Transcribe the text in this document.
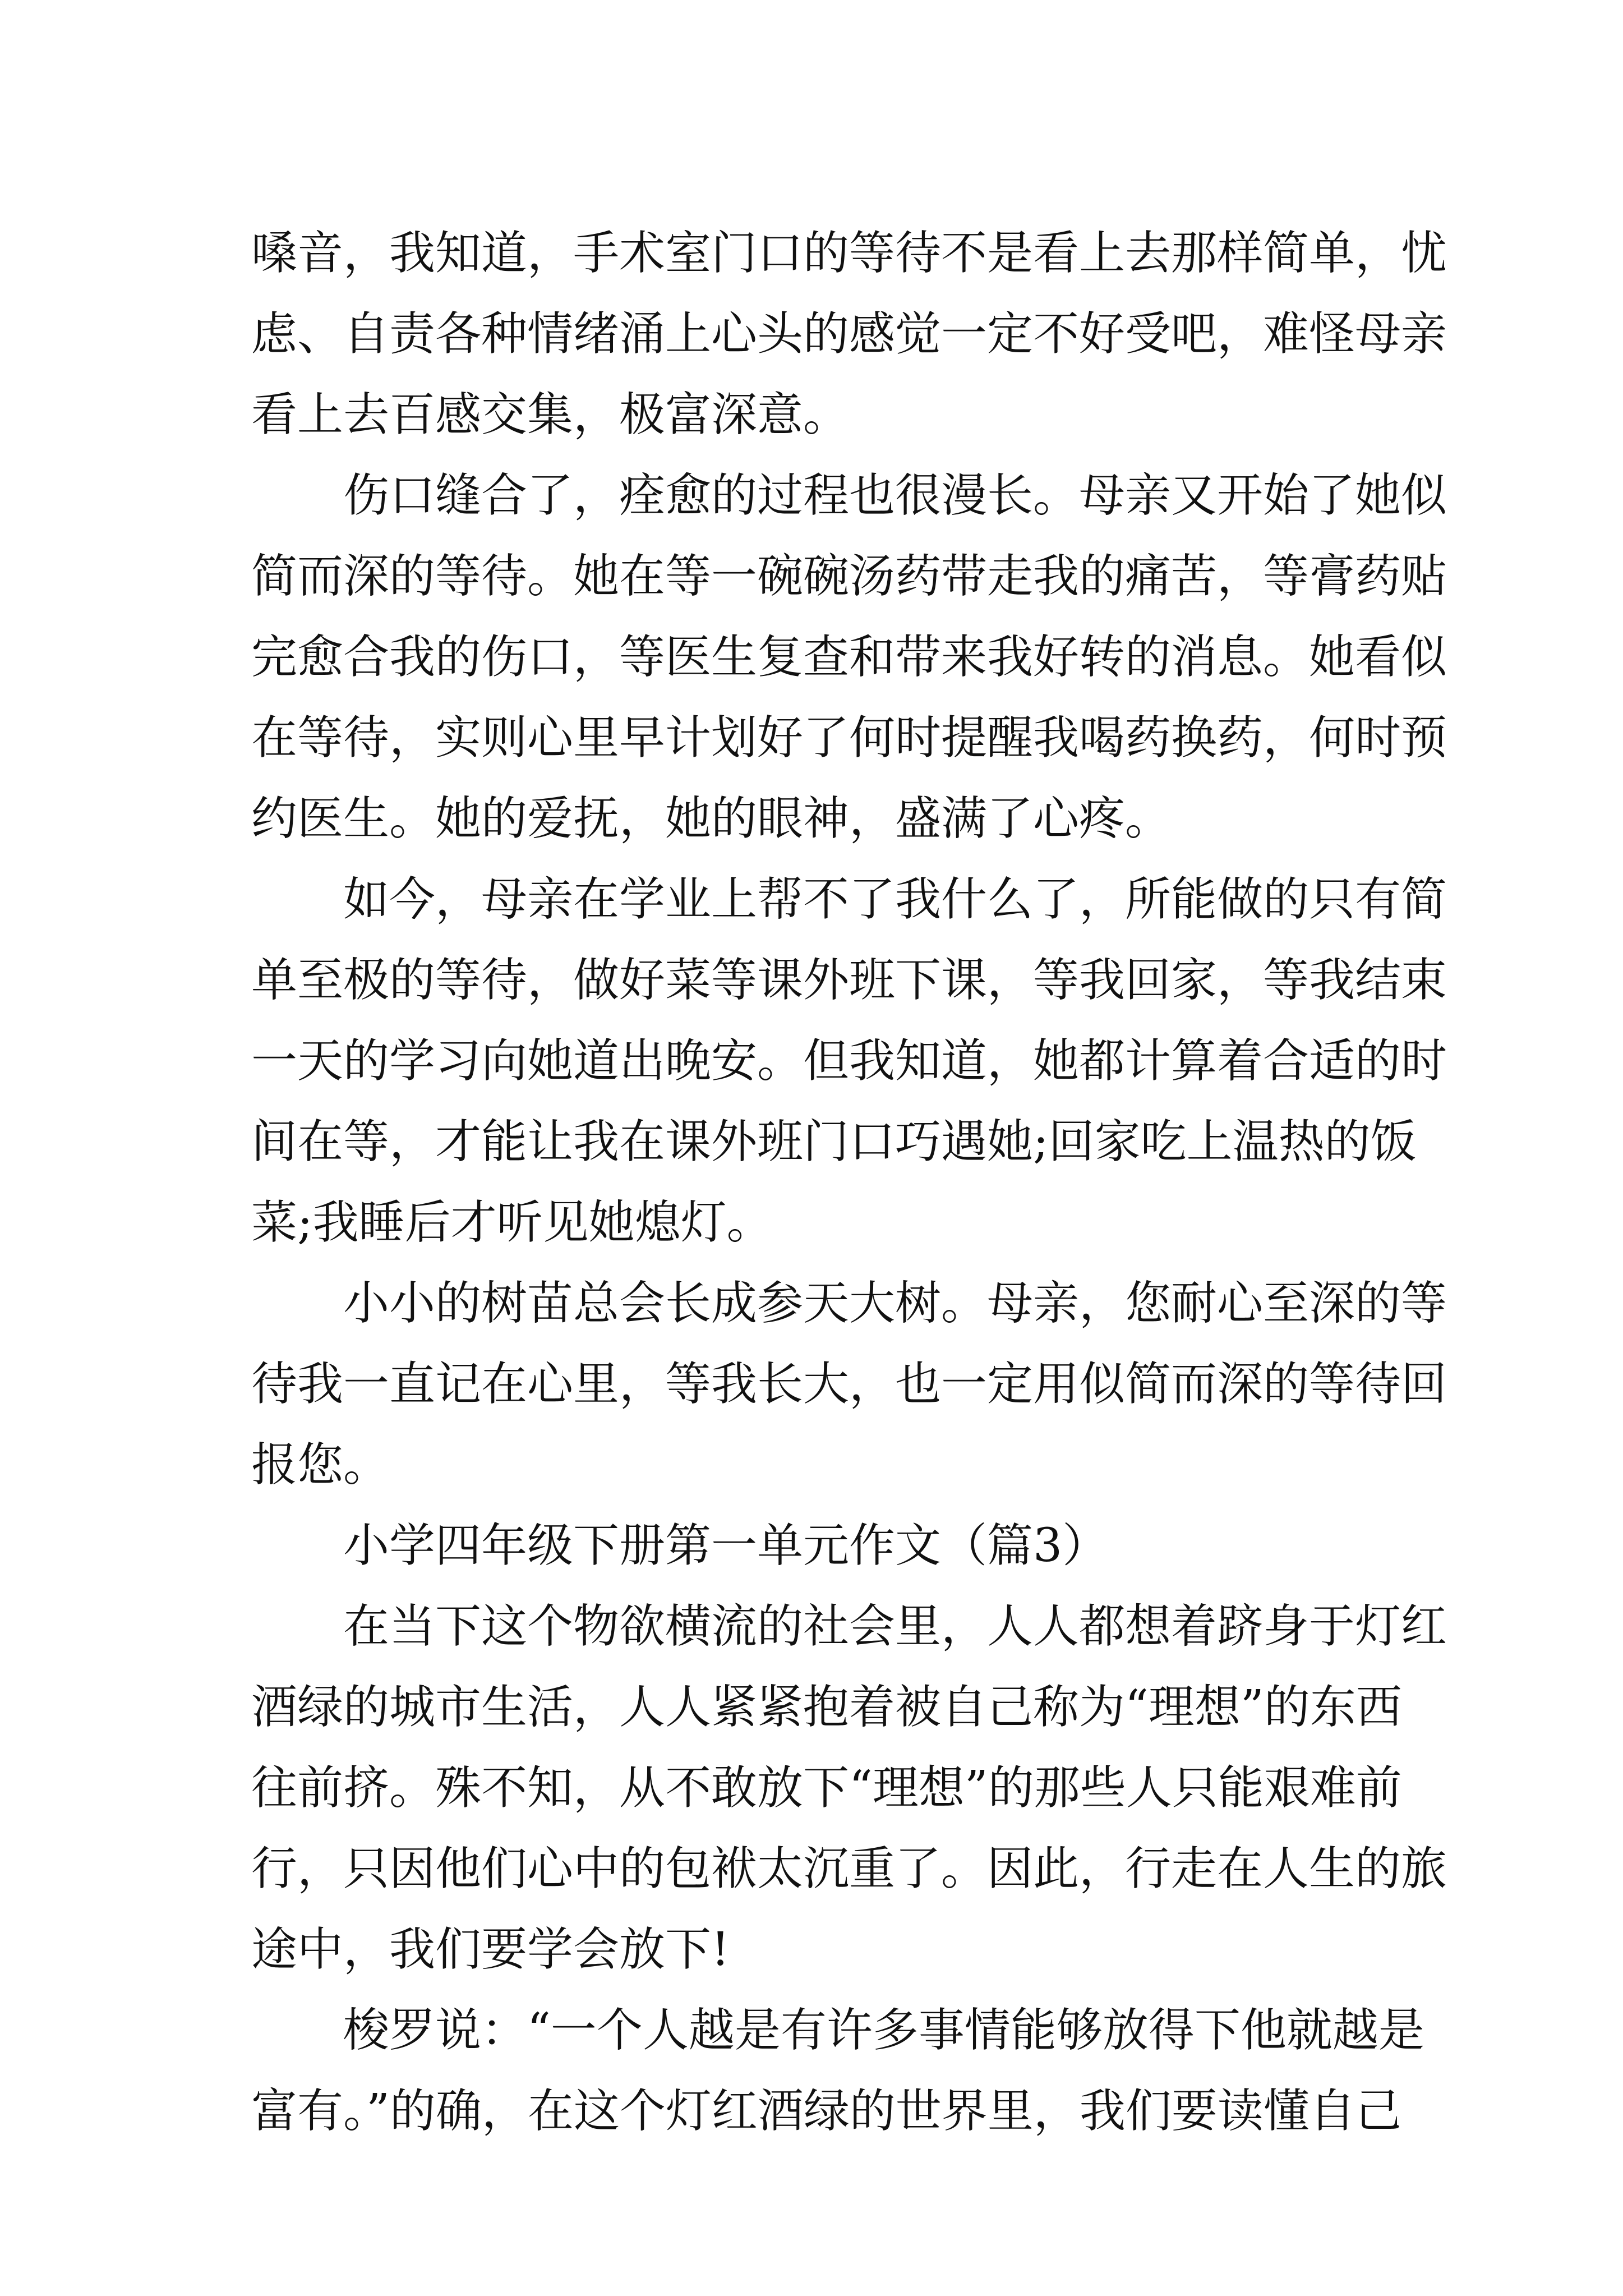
嗓音，我知道，手术室门口的等待不是看上去那样简单，忧
虑、自责各种情绪涌上心头的感觉一定不好受吧，难怪母亲
看上去百感交集，极富深意。
伤口缝合了，痊愈的过程也很漫长。母亲又开始了她似
简而深的等待。她在等一碗碗汤药带走我的痛苦，等膏药贴
完愈合我的伤口，等医生复查和带来我好转的消息。她看似
在等待，实则心里早计划好了何时提醒我喝药换药，何时预
约医生。她的爱抚，她的眼神，盛满了心疼。
如今，母亲在学业上帮不了我什么了，所能做的只有简
单至极的等待，做好菜等课外班下课，等我回家，等我结束
一天的学习向她道出晚安。但我知道，她都计算着合适的时
间在等，才能让我在课外班门口巧遇她;回家吃上温热的饭
菜;我睡后才听见她熄灯。
小小的树苗总会长成参天大树。母亲，您耐心至深的等
待我一直记在心里，等我长大，也一定用似简而深的等待回
报您。
小学四年级下册第一单元作文（篇3）
在当下这个物欲横流的社会里，人人都想着跻身于灯红
酒绿的城市生活，人人紧紧抱着被自己称为“理想”的东西
往前挤。殊不知，从不敢放下“理想”的那些人只能艰难前
行，只因他们心中的包袱太沉重了。因此，行走在人生的旅
途中，我们要学会放下!
梭罗说：“一个人越是有许多事情能够放得下他就越是
富有。”的确，在这个灯红酒绿的世界里，我们要读懂自己
